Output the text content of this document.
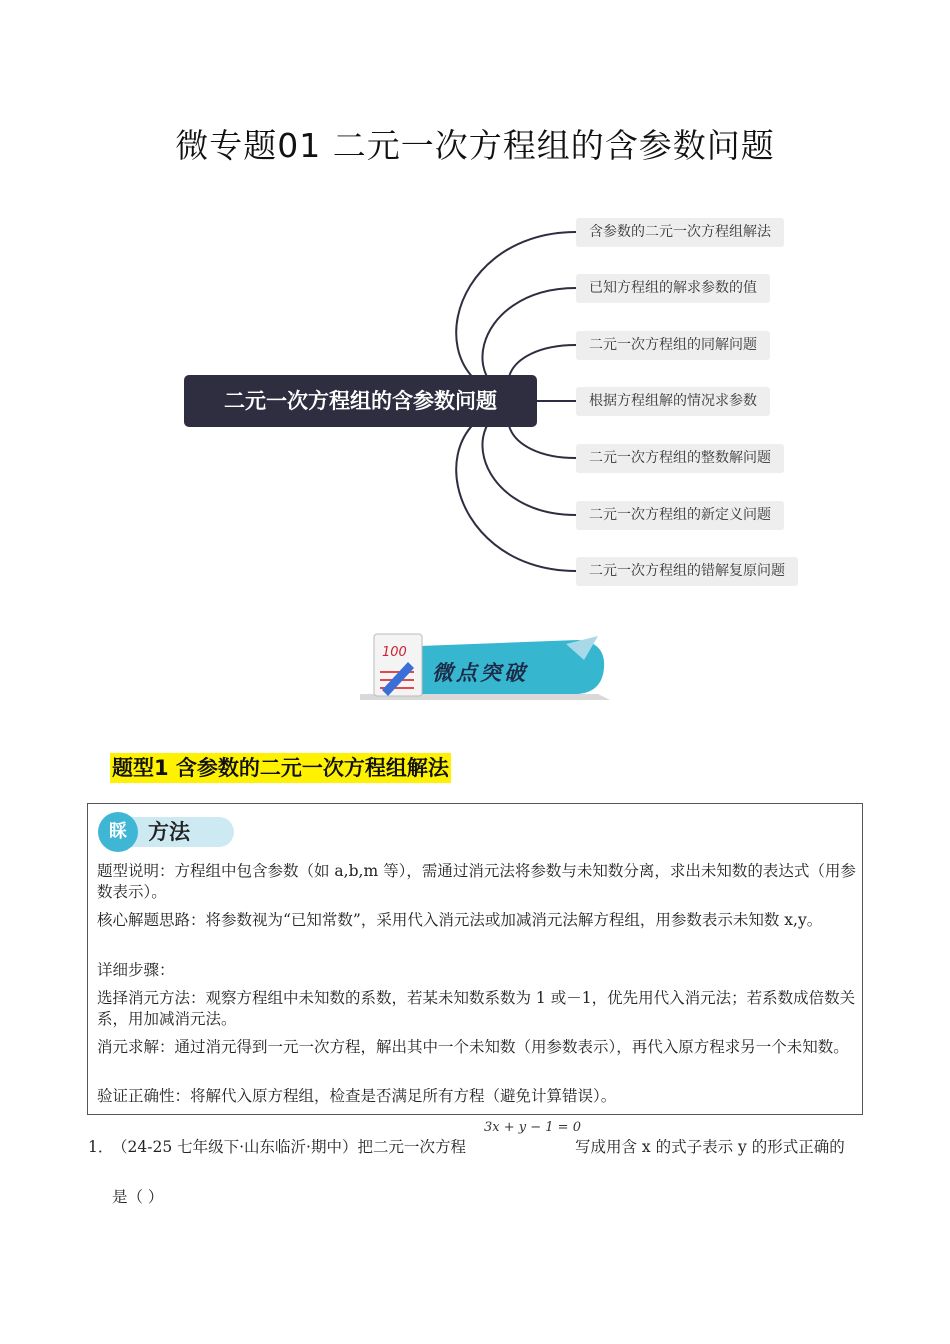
微专题01 二元一次方程组的含参数问题
二元一次方程组的含参数问题
含参数的二元一次方程组解法
已知方程组的解求参数的值
二元一次方程组的同解问题
根据方程组解的情况求参数
二元一次方程组的整数解问题
二元一次方程组的新定义问题
二元一次方程组的错解复原问题
100
微点突破
题型1 含参数的二元一次方程组解法
睬	方法
题型说明：方程组中包含参数（如 a,b,m 等），需通过消元法将参数与未知数分离，求出未知数的表达式（用参数表示）。
核心解题思路：将参数视为“已知常数”，采用代入消元法或加减消元法解方程组，用参数表示未知数 x,y。
详细步骤：
选择消元方法：观察方程组中未知数的系数，若某未知数系数为 1 或－1，优先用代入消元法；若系数成倍数关系，用加减消元法。
消元求解：通过消元得到一元一次方程，解出其中一个未知数（用参数表示），再代入原方程求另一个未知数。
验证正确性：将解代入原方程组，检查是否满足所有方程（避免计算错误）。
3x + y − 1 = 0
1．
（24-25 七年级下·山东临沂·期中）把二元一次方程	写成用含 x 的式子表示 y 的形式正确的
是（ ）
